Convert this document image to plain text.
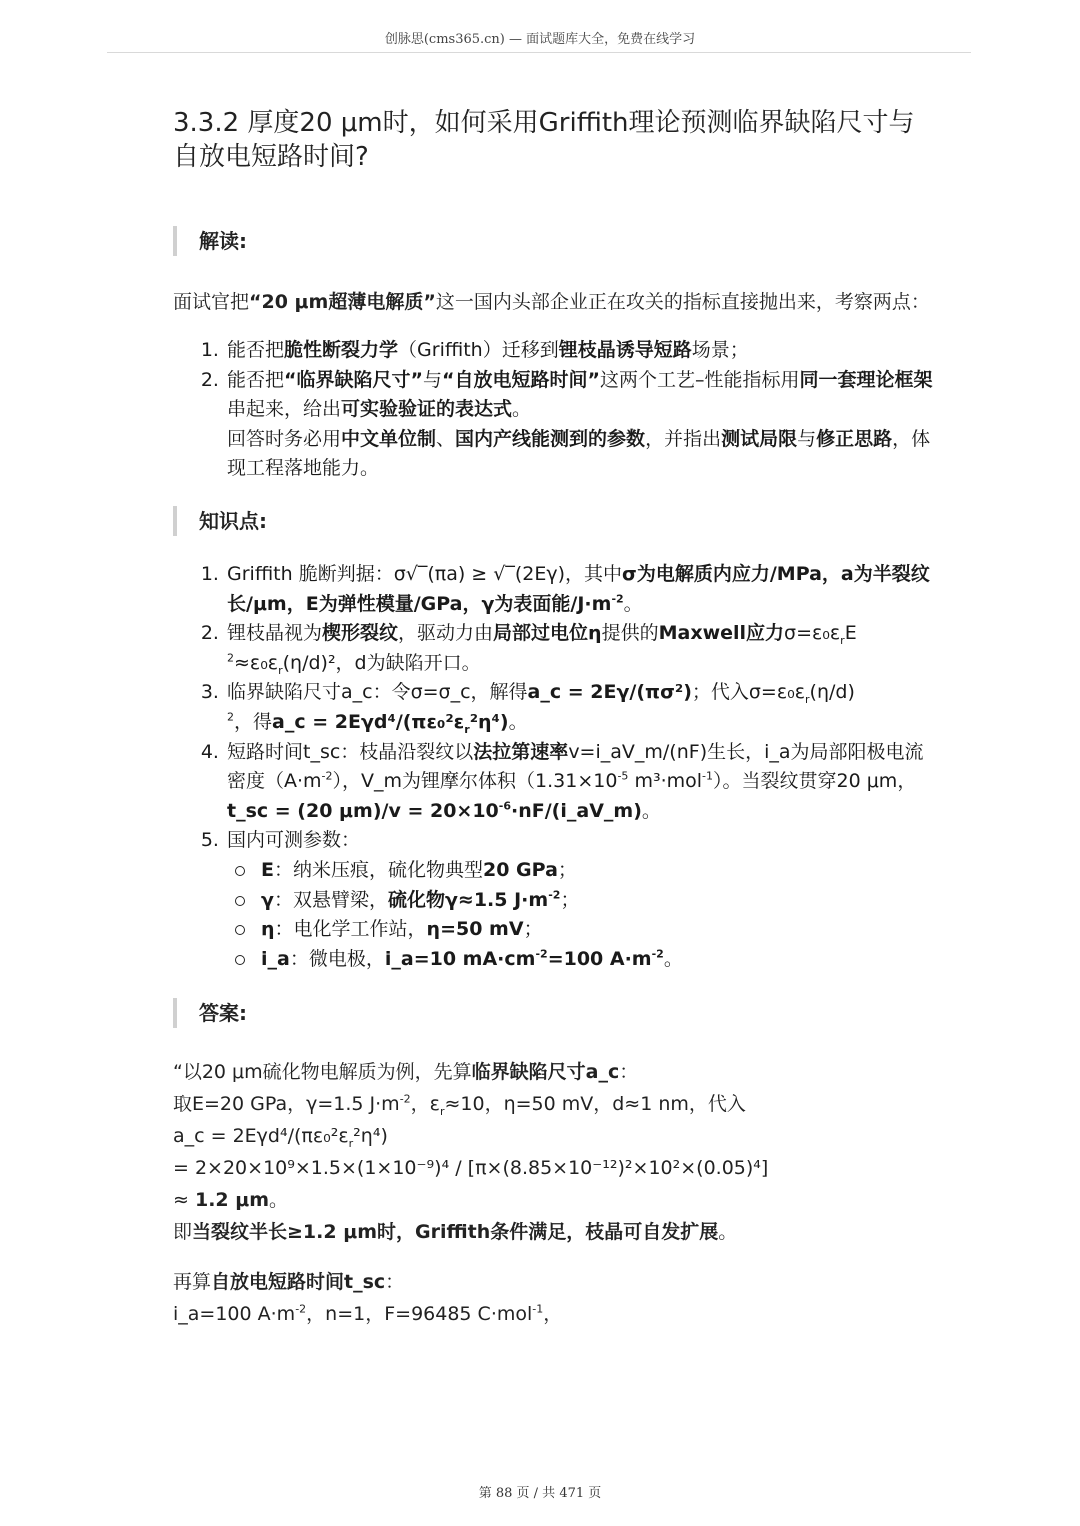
创脉思(cms365.cn) — 面试题库大全，免费在线学习
3.3.2 厚度20 μm时，如何采用Griffith理论预测临界缺陷尺寸与自放电短路时间?
解读:

面试官把“20 μm超薄电解质”这一国内头部企业正在攻关的指标直接抛出来，考察两点：

1. 能否把脆性断裂力学（Griffith）迁移到锂枝晶诱导短路场景；
2. 能否把“临界缺陷尺寸”与“自放电短路时间”这两个工艺–性能指标用同一套理论框架串起来，给出可实验验证的表达式。
回答时务必用中文单位制、国内产线能测到的参数，并指出测试局限与修正思路，体现工程落地能力。
知识点:
1. Griffith 脆断判据：σ√‾(πa) ≥ √‾(2Eγ)，其中σ为电解质内应力/MPa，a为半裂纹长/μm，E为弹性模量/GPa，γ为表面能$/J\cdot m^{-2}$。
2. 锂枝晶视为楔形裂纹，驱动力由局部过电位η提供的Maxwell应力$\sigma=\varepsilon_0\varepsilon_rE$
$^2\approx\varepsilon_0\varepsilon_r(\eta/d)^2$，d为缺陷开口。
3. 临界缺陷尺寸a_c：令σ=σ_c，解得a_c = 2Eγ/(πσ²)；代入$\sigma=\varepsilon_0\varepsilon_r(\eta/d)$
$^2$，得a_c = $2E\gamma d^4/(\pi\varepsilon_0^2\varepsilon_r^2\eta^4)$。
4. 短路时间t_sc：枝晶沿裂纹以法拉第速率v=i_aV_m/(nF)生长，i_a为局部阳极电流密度$(A\cdot m^{-2})$，V_m为锂摩尔体积（$1.31\times 10^{-5}$ m³·mol$^{-1}$）。当裂纹贯穿20 μm，t_sc = (20 $\mu m)/v = 20\times 10^{-6}\cdot nF/(i\_aV\_m)$。
5. 国内可测参数：
E：纳米压痕，硫化物典型20 GPa；
γ：双悬臂梁，硫化物γ≈1.5 $J\cdot m^{-2}$；
η：电化学工作站，η=50 mV；
i_a：微电极，i_a=10 $mA\cdot cm^{-2}=100$ $A\cdot m^{-2}$。
答案:

“以20 μm硫化物电解质为例，先算临界缺陷尺寸a_c：

取E=20 GPa，γ=1.5 $J\cdot m^{-2}$，$\varepsilon_r\approx 10$，η=50 mV，d≈1 nm，代入

a_c = $2E\gamma d^4/(\pi\varepsilon_0^2\varepsilon_r^2\eta^4)$

= 2×20×10⁹×1.5×(1×10⁻⁹)⁴ / [π×(8.85×10⁻¹²)²×10²×(0.05)⁴]

≈ 1.2 μm。

即当裂纹半长≥1.2 μm时，Griffith条件满足，枝晶可自发扩展。

再算自放电短路时间t_sc：

i_a=100 $A\cdot m^{-2}$，n=1，F=96485 C·mol$^{-1}$，

第 88 页 / 共 471 页
